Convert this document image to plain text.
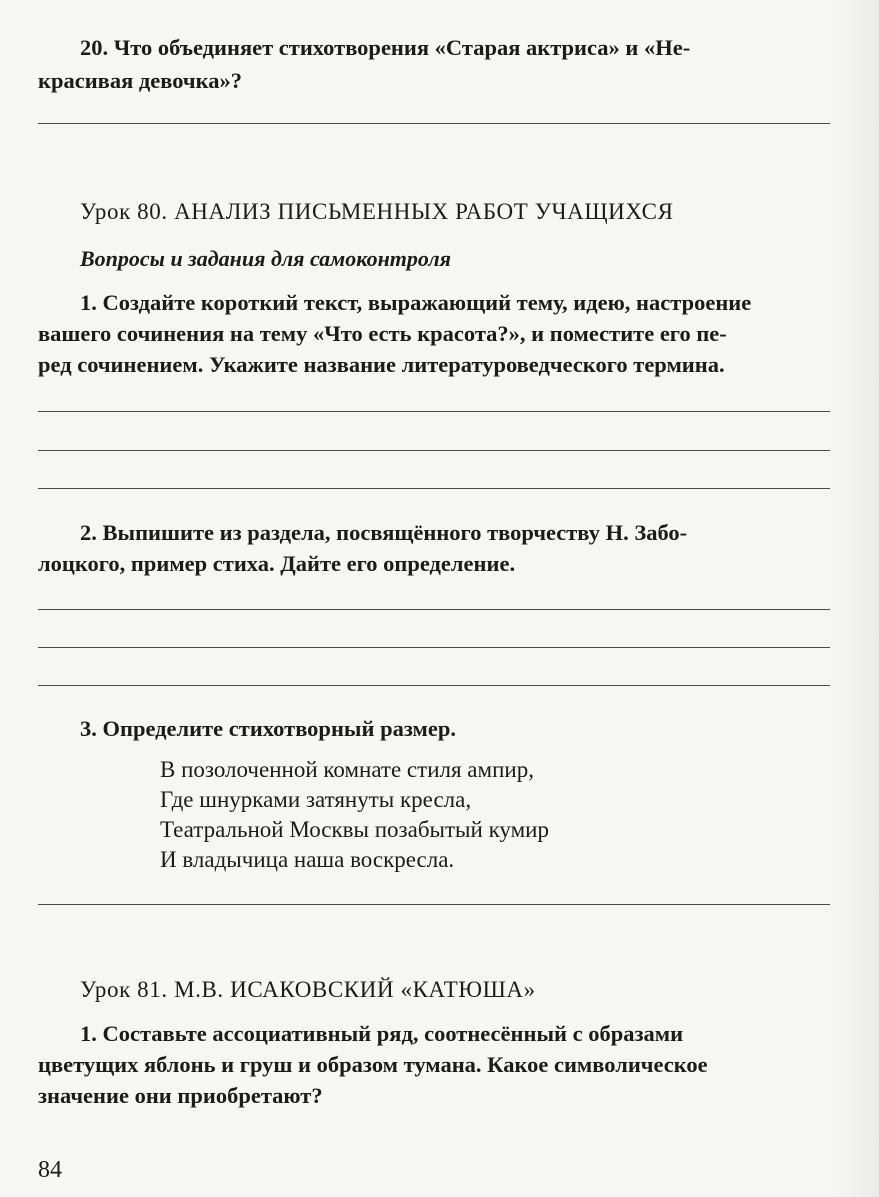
20. Что объединяет стихотворения «Старая актриса» и «Не-
красивая девочка»?
Урок 80. АНАЛИЗ ПИСЬМЕННЫХ РАБОТ УЧАЩИХСЯ
Вопросы и задания для самоконтроля
1. Создайте короткий текст, выражающий тему, идею, настроение
вашего сочинения на тему «Что есть красота?», и поместите его пе-
ред сочинением. Укажите название литературоведческого термина.
2. Выпишите из раздела, посвящённого творчеству Н. Забо-
лоцкого, пример стиха. Дайте его определение.
3. Определите стихотворный размер.
В позолоченной комнате стиля ампир,
Где шнурками затянуты кресла,
Театральной Москвы позабытый кумир
И владычица наша воскресла.
Урок 81. М.В. ИСАКОВСКИЙ «КАТЮША»
1. Составьте ассоциативный ряд, соотнесённый с образами
цветущих яблонь и груш и образом тумана. Какое символическое
значение они приобретают?
84
